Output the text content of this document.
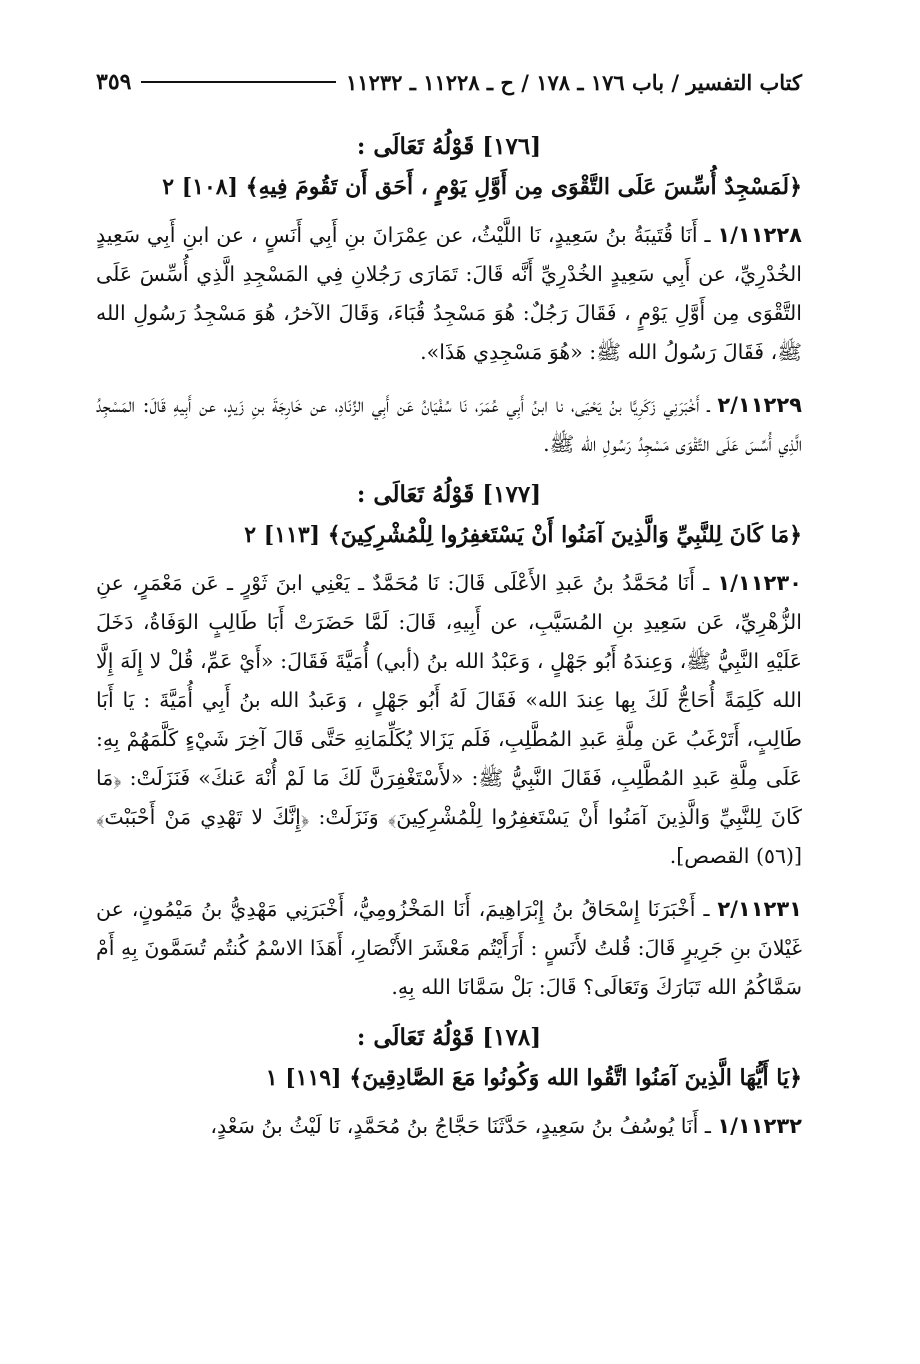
كتاب التفسير / باب ١٧٦ ـ ١٧٨ / ح ـ ١١٢٢٨ ـ ١١٢٣٢
٣٥٩
[١٧٦] قَوْلُهُ تَعَالَى :
﴿لَمَسْجِدٌ أُسِّسَ عَلَى التَّقْوَى مِن أَوَّلِ يَوْمٍ ، أَحَق أَن تَقُومَ فِيهِ﴾ [١٠٨] ٢

١/١١٢٢٨ ـ أَنَا قُتَيبَةُ بنُ سَعِيدٍ، نَا اللَّيْثُ، عن عِمْرَانَ بنِ أَبِي أَنَسٍ ، عن ابنِ أَبِي سَعِيدٍ الخُدْرِيِّ، عن أَبِي سَعِيدٍ الخُدْرِيِّ أَنَّه قَالَ: تَمَارَى رَجُلانِ فِي المَسْجِدِ الَّذِي أُسِّسَ عَلَى التَّقْوَى مِن أَوَّلِ يَوْمٍ ، فَقَالَ رَجُلٌ: هُوَ مَسْجِدُ قُبَاءَ، وَقَالَ الآخرُ، هُوَ مَسْجِدُ رَسُولِ الله ﷺ، فَقَالَ رَسُولُ الله ﷺ: «هُوَ مَسْجِدِي هَذَا».

٢/١١٢٢٩ ـ أَخْبَرَنِي زَكَرِيَّا بنُ يَحْيَى، نا ابنُ أَبِي عُمَرَ، نَا سُفْيَانُ عَن أَبِي الزِّنَادِ، عن خَارِجَةَ بنِ زَيدٍ، عن أَبِيهِ قَالَ: المَسْجِدُ الَّذِي أُسِّسَ عَلَى التَّقْوَى مَسْجِدُ رَسُولِ الله ﷺ.

[١٧٧] قَوْلُهُ تَعَالَى :
﴿مَا كَانَ لِلنَّبِيِّ وَالَّذِينَ آمَنُوا أَنْ يَسْتَغفِرُوا لِلْمُشْرِكِينَ﴾ [١١٣] ٢

١/١١٢٣٠ ـ أَنَا مُحَمَّدُ بنُ عَبدِ الأَعْلَى قَالَ: نَا مُحَمَّدٌ ـ يَعْنِي ابنَ ثَوْرٍ ـ عَن مَعْمَرٍ، عنِ الزُّهْرِيِّ، عَن سَعِيدِ بنِ المُسَيَّبِ، عن أَبِيهِ، قَالَ: لَمَّا حَضَرَتْ أَبَا طَالِبٍ الوَفَاةُ، دَخَلَ عَلَيْهِ النَّبِيُّ ﷺ، وَعِندَهُ أَبُو جَهْلٍ ، وَعَبْدُ الله بنُ (أبي) أُمَيَّةَ فَقَالَ: «أَيْ عَمِّ، قُلْ لا إِلَهَ إِلَّا الله كَلِمَةً أُحَاجُّ لَكَ بِها عِندَ الله» فَقَالَ لَهُ أَبُو جَهْلٍ ، وَعَبدُ الله بنُ أَبِي أُمَيَّةَ : يَا أَبَا طَالِبٍ، أَتَرْغَبُ عَن مِلَّةِ عَبدِ المُطَّلِبِ، فَلَم يَزَالا يُكَلِّمَانِهِ حَتَّى قَالَ آخِرَ شَيْءٍ كَلَّمَهُمْ بِهِ: عَلَى مِلَّةِ عَبدِ المُطَّلِبِ، فَقَالَ النَّبِيُّ ﷺ: «لأَسْتَغْفِرَنَّ لَكَ مَا لَمْ أُنْهَ عَنكَ» فَنَزَلَتْ: ﴿مَا كَانَ لِلنَّبِيِّ وَالَّذِينَ آمَنُوا أَنْ يَسْتَغفِرُوا لِلْمُشْرِكِينَ﴾ وَنَزَلَتْ: ﴿إِنَّكَ لا تَهْدِي مَنْ أَحْبَبْتَ﴾ [(٥٦) القصص].

٢/١١٢٣١ ـ أَخْبَرَنَا إِسْحَاقُ بنُ إِبْرَاهِيمَ، أَنَا المَخْزُومِيُّ، أَخْبَرَنِي مَهْدِيُّ بنُ مَيْمُونٍ، عن غَيْلانَ بنِ جَرِيرٍ قَالَ: قُلتُ لأَنَسٍ : أَرَأَيْتُم مَعْشَرَ الأَنْصَارِ، أَهَذَا الاسْمُ كُنتُم تُسَمَّونَ بِهِ أَمْ سَمَّاكُمُ الله تَبَارَكَ وَتَعَالَى؟ قَالَ: بَلْ سَمَّانَا الله بِهِ.

[١٧٨] قَوْلُهُ تَعَالَى :
﴿يَا أَيُّهَا الَّذِينَ آمَنُوا اتَّقُوا الله وَكُونُوا مَعَ الصَّادِقِينَ﴾ [١١٩] ١

١/١١٢٣٢ ـ أَنَا يُوسُفُ بنُ سَعِيدٍ، حَدَّثَنَا حَجَّاجُ بنُ مُحَمَّدٍ، نَا لَيْثُ بنُ سَعْدٍ،
